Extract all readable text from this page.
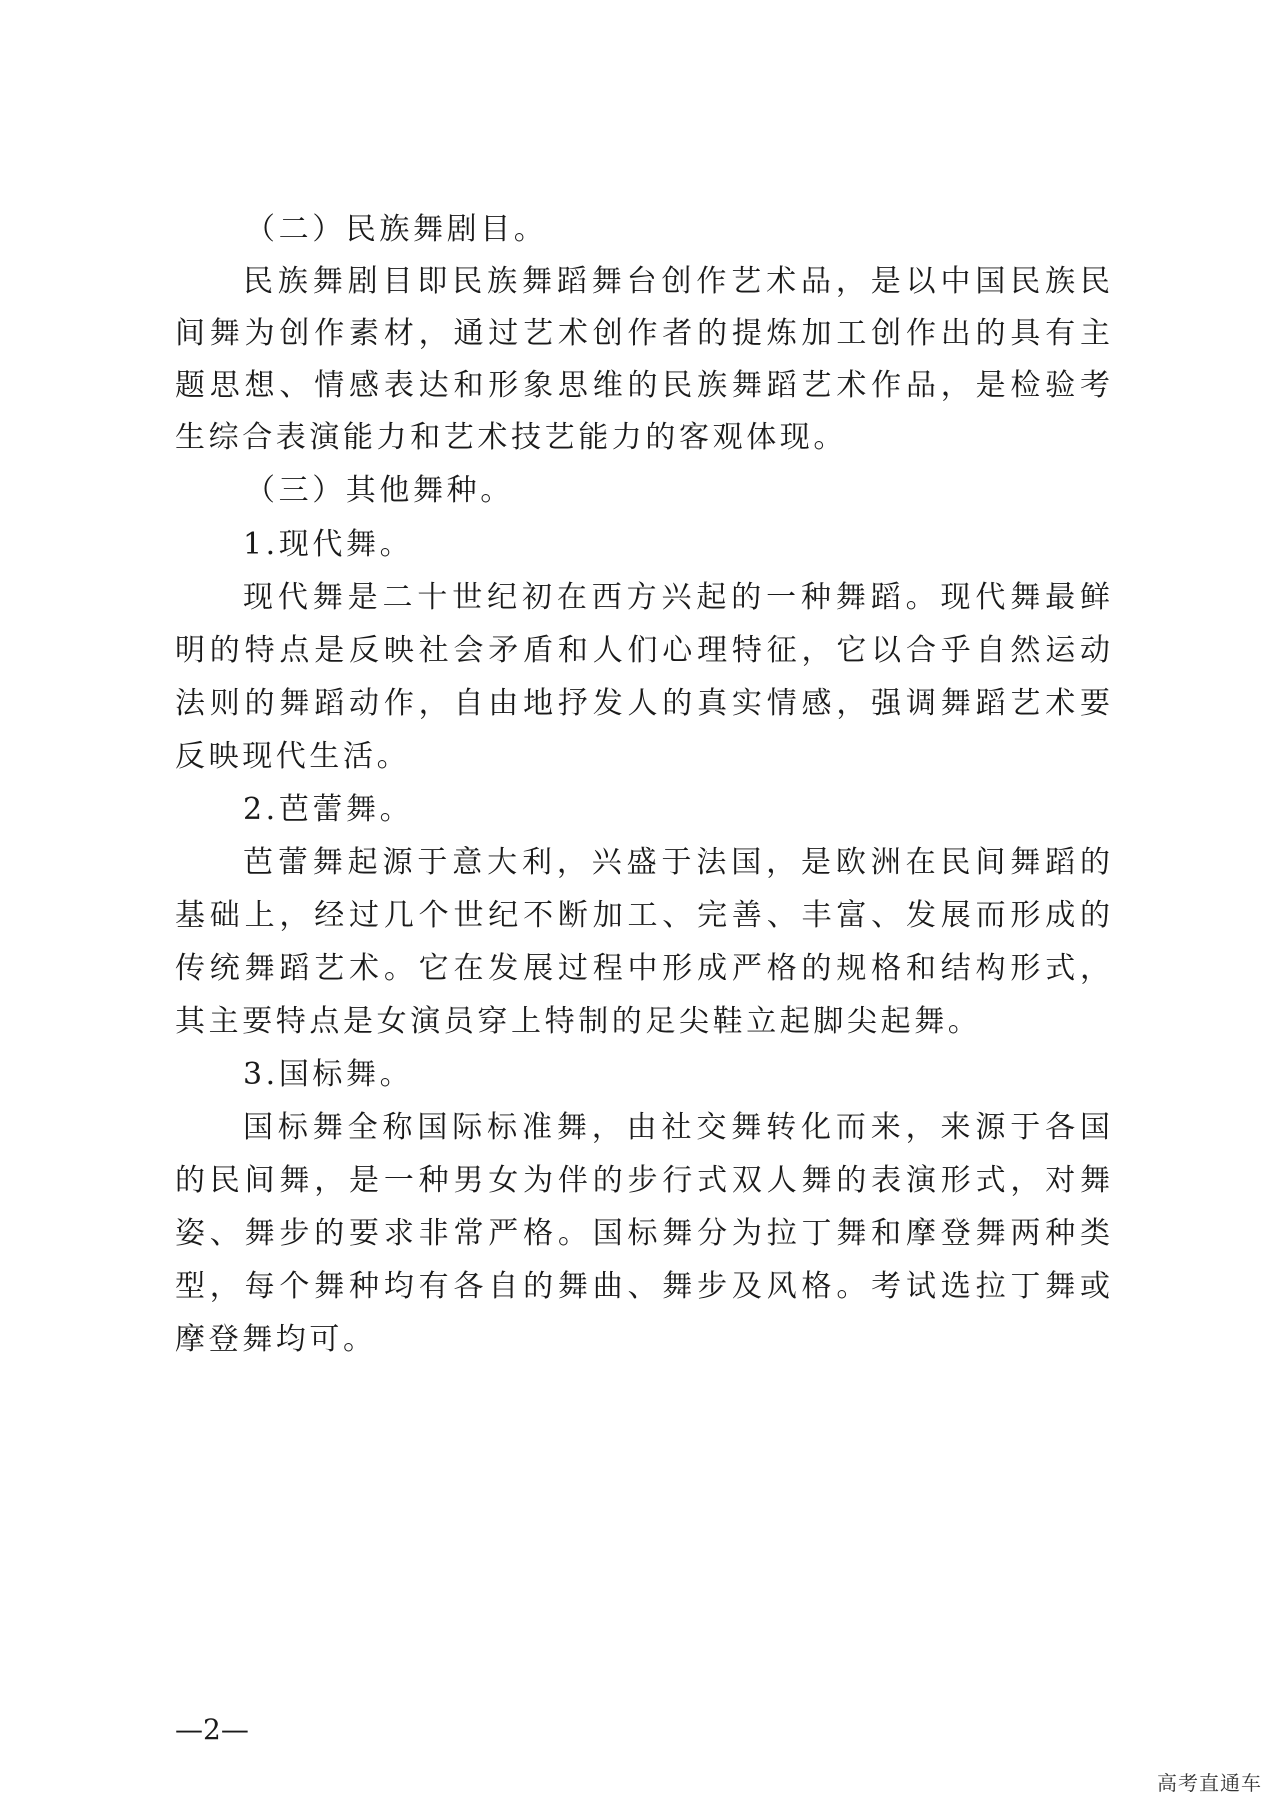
（二）民族舞剧目。
民族舞剧目即民族舞蹈舞台创作艺术品，是以中国民族民
间舞为创作素材，通过艺术创作者的提炼加工创作出的具有主
题思想、情感表达和形象思维的民族舞蹈艺术作品，是检验考
生综合表演能力和艺术技艺能力的客观体现。
（三）其他舞种。
1.现代舞。
现代舞是二十世纪初在西方兴起的一种舞蹈。现代舞最鲜
明的特点是反映社会矛盾和人们心理特征，它以合乎自然运动
法则的舞蹈动作，自由地抒发人的真实情感，强调舞蹈艺术要
反映现代生活。
2.芭蕾舞。
芭蕾舞起源于意大利，兴盛于法国，是欧洲在民间舞蹈的
基础上，经过几个世纪不断加工、完善、丰富、发展而形成的
传统舞蹈艺术。它在发展过程中形成严格的规格和结构形式，
其主要特点是女演员穿上特制的足尖鞋立起脚尖起舞。
3.国标舞。
国标舞全称国际标准舞，由社交舞转化而来，来源于各国
的民间舞，是一种男女为伴的步行式双人舞的表演形式，对舞
姿、舞步的要求非常严格。国标舞分为拉丁舞和摩登舞两种类
型，每个舞种均有各自的舞曲、舞步及风格。考试选拉丁舞或
摩登舞均可。
—2—
高考直通车
